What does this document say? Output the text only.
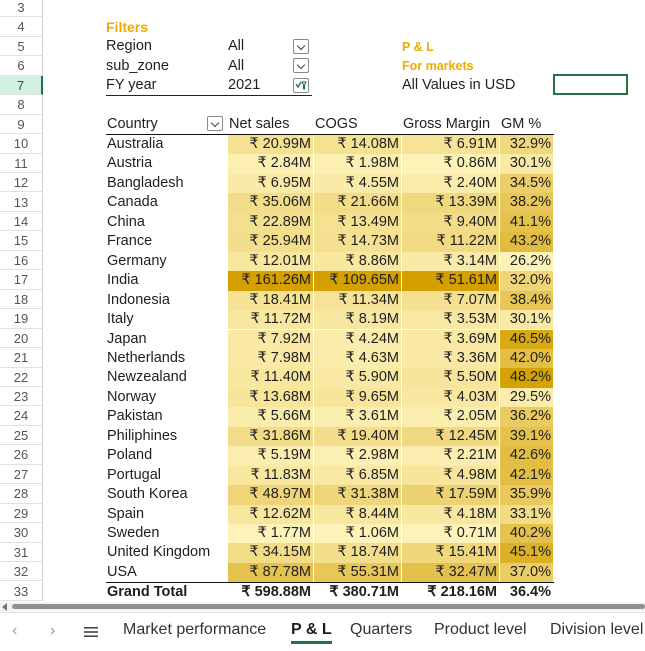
3
4
5
6
7
8
9
10
11
12
13
14
15
16
17
18
19
20
21
22
23
24
25
26
27
28
29
30
31
32
33
Filters
Region	All
sub_zone	All
FY year	2021
P & L
For markets
All Values in USD
Country	Net sales	COGS	Gross Margin GM %
Australia	₹ 20.99M	₹ 14.08M	₹ 6.91M 32.9%
Austria	₹ 2.84M	₹ 1.98M	₹ 0.86M 30.1%
Bangladesh	₹ 6.95M	₹ 4.55M	₹ 2.40M 34.5%
Canada	₹ 35.06M	₹ 21.66M	₹ 13.39M 38.2%
China	₹ 22.89M	₹ 13.49M	₹ 9.40M 41.1%
France	₹ 25.94M	₹ 14.73M	₹ 11.22M 43.2%
Germany	₹ 12.01M	₹ 8.86M	₹ 3.14M 26.2%
India	₹ 161.26M	₹ 109.65M	₹ 51.61M 32.0%
Indonesia	₹ 18.41M	₹ 11.34M	₹ 7.07M 38.4%
Italy	₹ 11.72M	₹ 8.19M	₹ 3.53M 30.1%
Japan	₹ 7.92M	₹ 4.24M	₹ 3.69M 46.5%
Netherlands	₹ 7.98M	₹ 4.63M	₹ 3.36M 42.0%
Newzealand	₹ 11.40M	₹ 5.90M	₹ 5.50M 48.2%
Norway	₹ 13.68M	₹ 9.65M	₹ 4.03M 29.5%
Pakistan	₹ 5.66M	₹ 3.61M	₹ 2.05M 36.2%
Philiphines	₹ 31.86M	₹ 19.40M	₹ 12.45M 39.1%
Poland	₹ 5.19M	₹ 2.98M	₹ 2.21M 42.6%
Portugal	₹ 11.83M	₹ 6.85M	₹ 4.98M 42.1%
South Korea	₹ 48.97M	₹ 31.38M	₹ 17.59M 35.9%
Spain	₹ 12.62M	₹ 8.44M	₹ 4.18M 33.1%
Sweden	₹ 1.77M	₹ 1.06M	₹ 0.71M 40.2%
United Kingdom	₹ 34.15M	₹ 18.74M	₹ 15.41M 45.1%
USA	₹ 87.78M	₹ 55.31M	₹ 32.47M 37.0%
Grand Total	₹ 598.88M	₹ 380.71M	₹ 218.16M 36.4%
‹ ›	Market performance P & L Quarters Product level Division level
